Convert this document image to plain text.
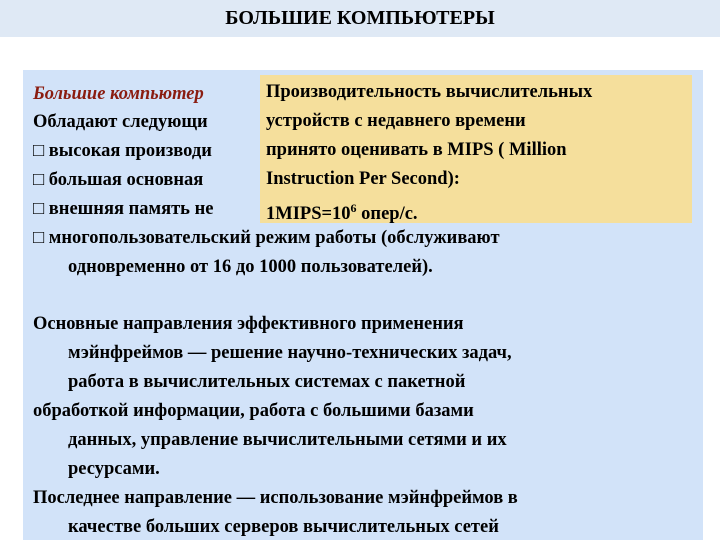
БОЛЬШИЕ КОМПЬЮТЕРЫ
Большие компьютер
Обладают следующи
□ высокая производи
□ большая основная
□ внешняя память не
□ многопользовательский режим работы (обслуживают
одновременно от 16 до 1000 пользователей).
Производительность вычислительных
устройств с недавнего времени
принято оценивать в MIPS ( Million
Instruction Per Second):
$1MIPS=10^6$ опер/с.
Основные направления эффективного применения
мэйнфреймов — решение научно-технических задач,
работа в вычислительных системах с пакетной
обработкой информации, работа с большими базами
данных, управление вычислительными сетями и их
ресурсами.
Последнее направление — использование мэйнфреймов в
качестве больших серверов вычислительных сетей
